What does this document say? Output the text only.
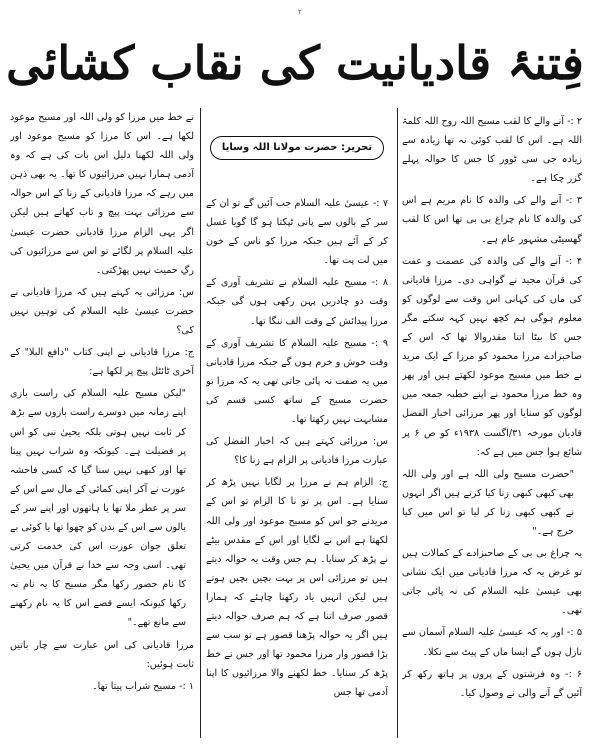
۲
فِتنۂ قادیانیت کی نقاب کشائی

۲ :- آنے والے کا لقب مسیح اللہ روح اللہ کلمۃ اللہ ہے۔ اس کا لقب کوئی نہ تھا زیادہ سے زیادہ جی سی ٹوور کا جس کا حوالہ پہلے گزر چکا ہے۔

۳ :- آنے والے کی والدہ کا نام مریم ہے اس کی والدہ کا نام چراغ بی بی تھا اس کا لقب گھسیٹی مشہور عام ہے۔

۴ :- آنے والے کی والدہ کی عصمت و عفت کی قرآن مجید نے گواہی دی۔ مرزا قادیانی کی ماں کی کہانی اس وقت سے لوگوں کو معلوم ہوگی ہم کچھ نہیں کہہ سکتے مگر جس کا بیٹا اتنا مقدروالا تھا کہ اس کے صاحبزادے مرزا محمود کو مرزا کے ایک مرید نے خط میں مسیح موعود لکھتے ہیں اور پھر وہ خط مرزا محمود نے اپنے خطبہ جمعہ میں لوگوں کو سنایا اور پھر مرزائی اخبار الفضل قادیان مورخہ ۳۱/اگست ۱۹۳۸ء کو ص ۶ پر شائع ہوا جس میں ہے کہ:

"حضرت مسیح ولی اللہ ہے اور ولی اللہ بھی کبھی کبھی زنا کیا کرتے ہیں اگر انہوں نے کبھی کبھی زنا کر لیا تو اس میں کیا حرج ہے۔"

یہ چراغ بی بی کے صاحبزادے کے کمالات ہیں تو غرض یہ کہ مرزا قادیانی میں ایک نشانی بھی عیسیٰ علیہ السلام کی نہ پائی جاتی تھی۔

۵ :- اور یہ کہ عیسیٰ علیہ السلام آسمان سے نازل ہوں گے ایسا ماں کے پیٹ سے نکلا۔

۶ :- وہ فرشتوں کے پروں پر ہاتھ رکھ کر آئیں گے آنے والی نے وصول کیا۔

تحریر: حضرت مولانا اللہ وسایا

۷ :- عیسیٰ علیہ السلام جب آئیں گے تو ان کے سر کے بالوں سے پانی ٹپکتا ہو گا گویا غسل کر کے آئے ہیں جبکہ مرزا کو ناس کے خون میں لت پت تھا۔

۸ :- مسیح علیہ السلام نے تشریف آوری کے وقت دو چادریں پہن رکھی ہوں گی جبکہ مرزا پیدائش کے وقت الف ننگا تھا۔

۹ :- مسیح علیہ السلام کا تشریف آوری کے وقت خوش و خرم ہوں گے جبکہ مرزا قادیانی میں یہ صفت نہ پائی جاتی تھی یہ کہ مرزا تو حضرت مسیح کے ساتھ کسی قسم کی مشابہت نہیں رکھتا تھا۔

س: مرزائی کہتے ہیں کہ اخبار الفضل کی عبارت مرزا قادیانی پر الزام ہے زنا کا؟

ج: الزام ہم نے مرزا پر لگایا نہیں پڑھ کر سنایا ہے۔ اس پر تو نا کا الزام تو اس کے مریدنے جو اس کو مسیح موعود اور ولی اللہ لکھتا ہے اس نے لگایا اور اس کے مقدس بیٹے نے پڑھ کر سنایا۔ ہم جس وقت یہ حوالہ دیتے ہیں تو مرزائی اس پر بہت بچیں بچیں ہوتے ہیں لیکن انہیں یاد رکھنا چاہئے کہ ہمارا قصور صرف اتنا ہے کہ ہم صرف حوالہ دیتے ہیں اگر یہ حوالہ پڑھنا قصور ہے تو سب سے بڑا قصور وار مرزا محمود تھا اور جس نے خط پڑھ کر سنایا۔ خط لکھنے والا مرزائیوں کا اپنا آدمی تھا جس

نے خط میں مرزا کو ولی اللہ اور مسیح موعود لکھا ہے۔ اس کا مرزا کو مسیح موعود اور ولی اللہ لکھنا دلیل اس بات کی ہے کہ وہ آدمی ہمارا نہیں مرزائیوں کا تھا۔ یہ بھی ذہن میں رہے کہ مرزا قادیانی کے زنا کے اس حوالہ سے مرزائی بہت پیچ و تاب کھاتے ہیں لیکن اگر یہی الزام مرزا قادیانی حضرت عیسیٰ علیہ السلام پر لگائے تو اس سے مرزائیوں کی رگِ حمیت نہیں پھڑکتی۔

س: مرزائی یہ کہتے ہیں کہ مرزا قادیانی نے حضرت عیسیٰ علیہ السلام کی توہین نہیں کی؟

ج: مرزا قادیانی نے اپنی کتاب "دافع البلا" کے آخری ٹائٹل پیج پر لکھا ہے:

"لیکن مسیح علیہ السلام کی راست بازی اپنے زمانہ میں دوسرے راست بازوں سے بڑھ کر ثابت نہیں ہوتی بلکہ یحییٰ نبی کو اس پر فضیلت ہے۔ کیونکہ وہ شراب نہیں پیتا تھا اور کبھی نہیں سنا گیا کہ کسی فاحشہ عورت نے آکر اپنی کمائی کے مال سے اس کے سر پر عطر ملا تھا یا ہاتھوں اور اپنے سر کے بالوں سے اس کے بدن کو چھوا تھا یا کوئی بے تعلق جوان عورت اس کی خدمت کرتی تھی۔ اسی وجہ سے خدا نے قرآن میں یحییٰ کا نام حصور رکھا مگر مسیح کا یہ نام نہ رکھا کیونکہ ایسے قصے اس کا یہ نام رکھنے سے مانع تھے۔"

مرزا قادیانی کی اس عبارت سے چار باتیں ثابت ہوئیں:

۱ :- مسیح شراب پیتا تھا۔
